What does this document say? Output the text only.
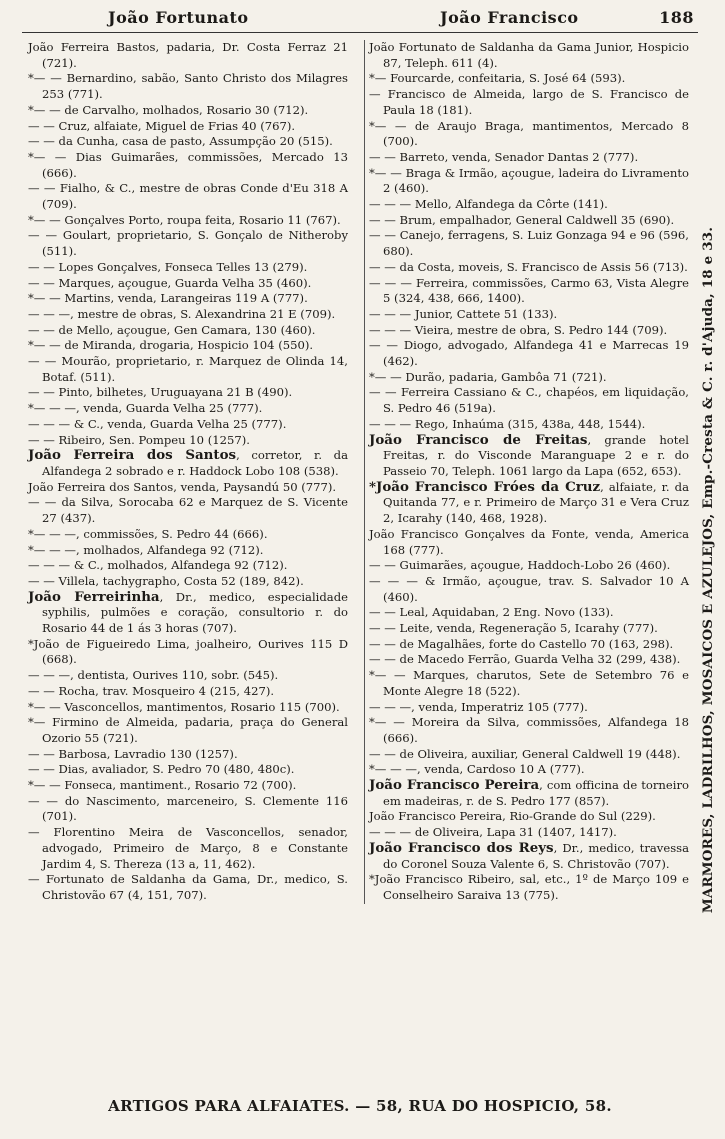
João Fortunato	João Francisco	188
João Ferreira Bastos, padaria, Dr. Costa Ferraz 21 (721).
*— — Bernardino, sabão, Santo Christo dos Milagres 253 (771).
*— — de Carvalho, molhados, Rosario 30 (712).
— — Cruz, alfaiate, Miguel de Frias 40 (767).
— — da Cunha, casa de pasto, Assumpção 20 (515).
*— — Dias Guimarães, commissões, Mercado 13 (666).
— — Fialho, & C., mestre de obras Conde d'Eu 318 A (709).
*— — Gonçalves Porto, roupa feita, Rosario 11 (767).
— — Goulart, proprietario, S. Gonçalo de Nitheroby (511).
— — Lopes Gonçalves, Fonseca Telles 13 (279).
— — Marques, açougue, Guarda Velha 35 (460).
*— — Martins, venda, Larangeiras 119 A (777).
— — —, mestre de obras, S. Alexandrina 21 E (709).
— — de Mello, açougue, Gen Camara, 130 (460).
*— — de Miranda, drogaria, Hospicio 104 (550).
— — Mourão, proprietario, r. Marquez de Olinda 14, Botaf. (511).
— — Pinto, bilhetes, Uruguayana 21 B (490).
*— — —, venda, Guarda Velha 25 (777).
— — — & C., venda, Guarda Velha 25 (777).
— — Ribeiro, Sen. Pompeu 10 (1257).
João Ferreira dos Santos, corretor, r. da Alfandega 2 sobrado e r. Haddock Lobo 108 (538).
João Ferreira dos Santos, venda, Paysandú 50 (777).
— — da Silva, Sorocaba 62 e Marquez de S. Vicente 27 (437).
*— — —, commissões, S. Pedro 44 (666).
*— — —, molhados, Alfandega 92 (712).
— — — & C., molhados, Alfandega 92 (712).
— — Villela, tachygrapho, Costa 52 (189, 842).
João Ferreirinha, Dr., medico, especialidade syphilis, pulmões e coração, consultorio r. do Rosario 44 de 1 ás 3 horas (707).
*João de Figueiredo Lima, joalheiro, Ourives 115 D (668).
— — —, dentista, Ourives 110, sobr. (545).
— — Rocha, trav. Mosqueiro 4 (215, 427).
*— — Vasconcellos, mantimentos, Rosario 115 (700).
*— Firmino de Almeida, padaria, praça do General Ozorio 55 (721).
— — Barbosa, Lavradio 130 (1257).
— — Dias, avaliador, S. Pedro 70 (480, 480c).
*— — Fonseca, mantiment., Rosario 72 (700).
— — do Nascimento, marceneiro, S. Clemente 116 (701).
— Florentino Meira de Vasconcellos, senador, advogado, Primeiro de Março, 8 e Constante Jardim 4, S. Thereza (13 a, 11, 462).
— Fortunato de Saldanha da Gama, Dr., medico, S. Christovão 67 (4, 151, 707).
João Fortunato de Saldanha da Gama Junior, Hospicio 87, Teleph. 611 (4).
*— Fourcarde, confeitaria, S. José 64 (593).
— Francisco de Almeida, largo de S. Francisco de Paula 18 (181).
*— — de Araujo Braga, mantimentos, Mercado 8 (700).
— — Barreto, venda, Senador Dantas 2 (777).
*— — Braga & Irmão, açougue, ladeira do Livramento 2 (460).
— — — Mello, Alfandega da Côrte (141).
— — Brum, empalhador, General Caldwell 35 (690).
— — Canejo, ferragens, S. Luiz Gonzaga 94 e 96 (596, 680).
— — da Costa, moveis, S. Francisco de Assis 56 (713).
— — — Ferreira, commissões, Carmo 63, Vista Alegre 5 (324, 438, 666, 1400).
— — — Junior, Cattete 51 (133).
— — — Vieira, mestre de obra, S. Pedro 144 (709).
— — Diogo, advogado, Alfandega 41 e Marrecas 19 (462).
*— — Durão, padaria, Gambôa 71 (721).
— — Ferreira Cassiano & C., chapéos, em liquidação, S. Pedro 46 (519a).
— — — Rego, Inhaúma (315, 438a, 448, 1544).
João Francisco de Freitas, grande hotel Freitas, r. do Visconde Maranguape 2 e r. do Passeio 70, Teleph. 1061 largo da Lapa (652, 653).
*João Francisco Fróes da Cruz, alfaiate, r. da Quitanda 77, e r. Primeiro de Março 31 e Vera Cruz 2, Icarahy (140, 468, 1928).
João Francisco Gonçalves da Fonte, venda, America 168 (777).
— — Guimarães, açougue, Haddoch-Lobo 26 (460).
— — — & Irmão, açougue, trav. S. Salvador 10 A (460).
— — Leal, Aquidaban, 2 Eng. Novo (133).
— — Leite, venda, Regeneração 5, Icarahy (777).
— — de Magalhães, forte do Castello 70 (163, 298).
— — de Macedo Ferrão, Guarda Velha 32 (299, 438).
*— — Marques, charutos, Sete de Setembro 76 e Monte Alegre 18 (522).
— — —, venda, Imperatriz 105 (777).
*— — Moreira da Silva, commissões, Alfandega 18 (666).
— — de Oliveira, auxiliar, General Caldwell 19 (448).
*— — —, venda, Cardoso 10 A (777).
João Francisco Pereira, com officina de torneiro em madeiras, r. de S. Pedro 177 (857).
João Francisco Pereira, Rio-Grande do Sul (229).
— — — de Oliveira, Lapa 31 (1407, 1417).
João Francisco dos Reys, Dr., medico, travessa do Coronel Souza Valente 6, S. Christovão (707).
*João Francisco Ribeiro, sal, etc., 1º de Março 109 e Conselheiro Saraiva 13 (775).
ARTIGOS PARA ALFAIATES. — 58, RUA DO HOSPICIO, 58.
MARMORES, LADRILHOS, MOSAICOS E AZULEJOS, Emp.-Cresta & C. r. d'Ajuda, 18 e 33.
